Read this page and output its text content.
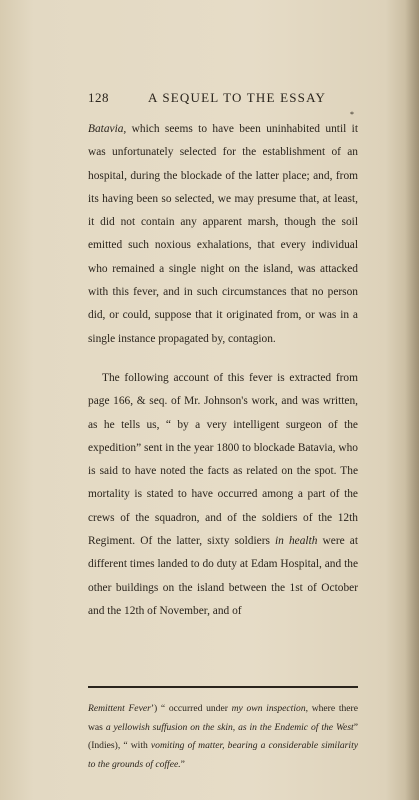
128	A SEQUEL TO THE ESSAY
*

Batavia, which seems to have been uninhabited until it was unfortunately selected for the establishment of an hospital, during the blockade of the latter place; and, from its having been so selected, we may presume that, at least, it did not contain any apparent marsh, though the soil emitted such noxious exhalations, that every individual who remained a single night on the island, was attacked with this fever, and in such circumstances that no person did, or could, suppose that it originated from, or was in a single instance propagated by, contagion.

The following account of this fever is extracted from page 166, & seq. of Mr. Johnson's work, and was written, as he tells us, “ by a very intelligent surgeon of the expedition” sent in the year 1800 to blockade Batavia, who is said to have noted the facts as related on the spot. The mortality is stated to have occurred among a part of the crews of the squadron, and of the soldiers of the 12th Regiment. Of the latter, sixty soldiers in health were at different times landed to do duty at Edam Hospital, and the other buildings on the island between the 1st of October and the 12th of November, and of

Remittent Fever’) “ occurred under my own inspection, where there was a yellowish suffusion on the skin, as in the Endemic of the West” (Indies), “ with vomiting of matter, bearing a considerable similarity to the grounds of coffee.”
